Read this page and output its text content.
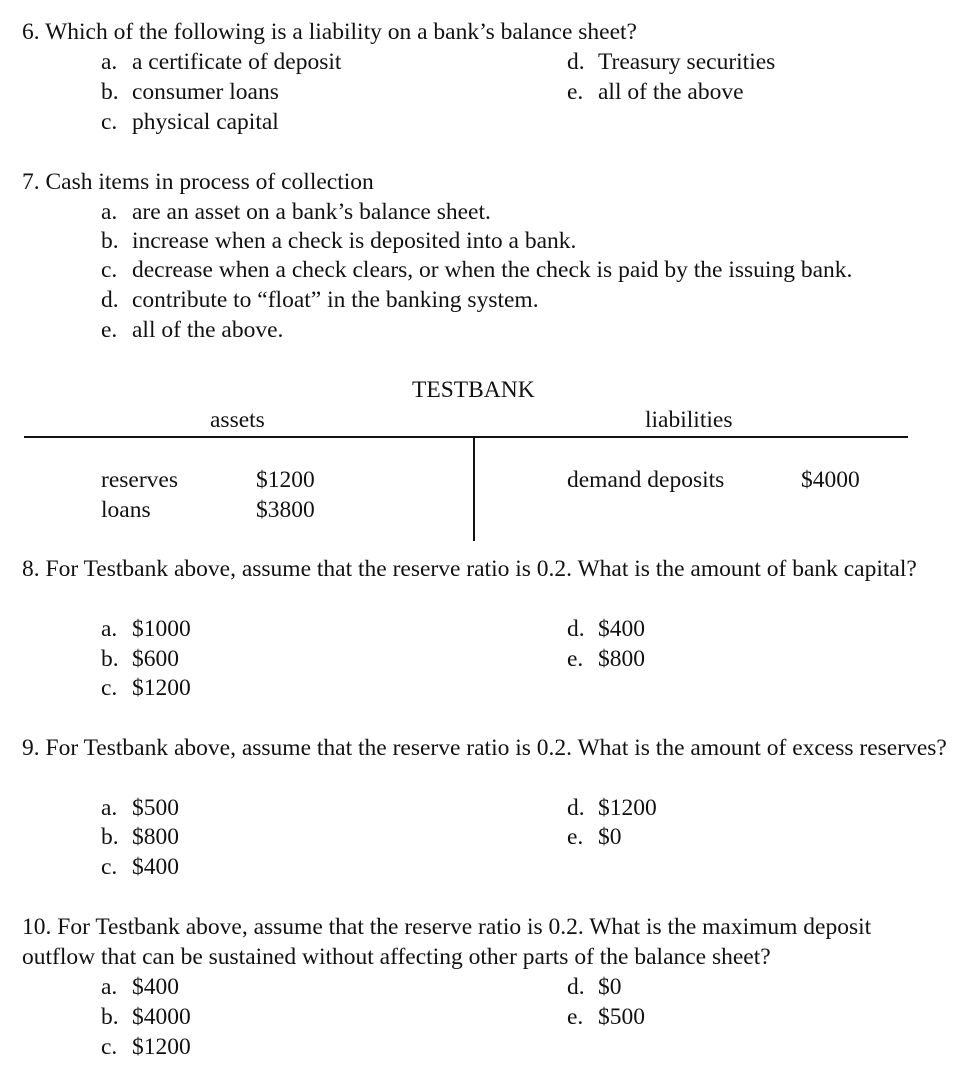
6. Which of the following is a liability on a bank’s balance sheet?
a. a certificate of deposit
b. consumer loans
c. physical capital
d. Treasury securities
e. all of the above
7. Cash items in process of collection
a. are an asset on a bank’s balance sheet.
b. increase when a check is deposited into a bank.
c. decrease when a check clears, or when the check is paid by the issuing bank.
d. contribute to “float” in the banking system.
e. all of the above.
TESTBANK
assets	liabilities
reserves	$1200
loans	$3800
demand deposits	$4000
8. For Testbank above, assume that the reserve ratio is 0.2. What is the amount of bank capital?
a. $1000
b. $600
c. $1200
d. $400
e. $800
9. For Testbank above, assume that the reserve ratio is 0.2. What is the amount of excess reserves?
a. $500
b. $800
c. $400
d. $1200
e. $0
10. For Testbank above, assume that the reserve ratio is 0.2. What is the maximum deposit outflow that can be sustained without affecting other parts of the balance sheet?
a. $400
b. $4000
c. $1200
d. $0
e. $500
